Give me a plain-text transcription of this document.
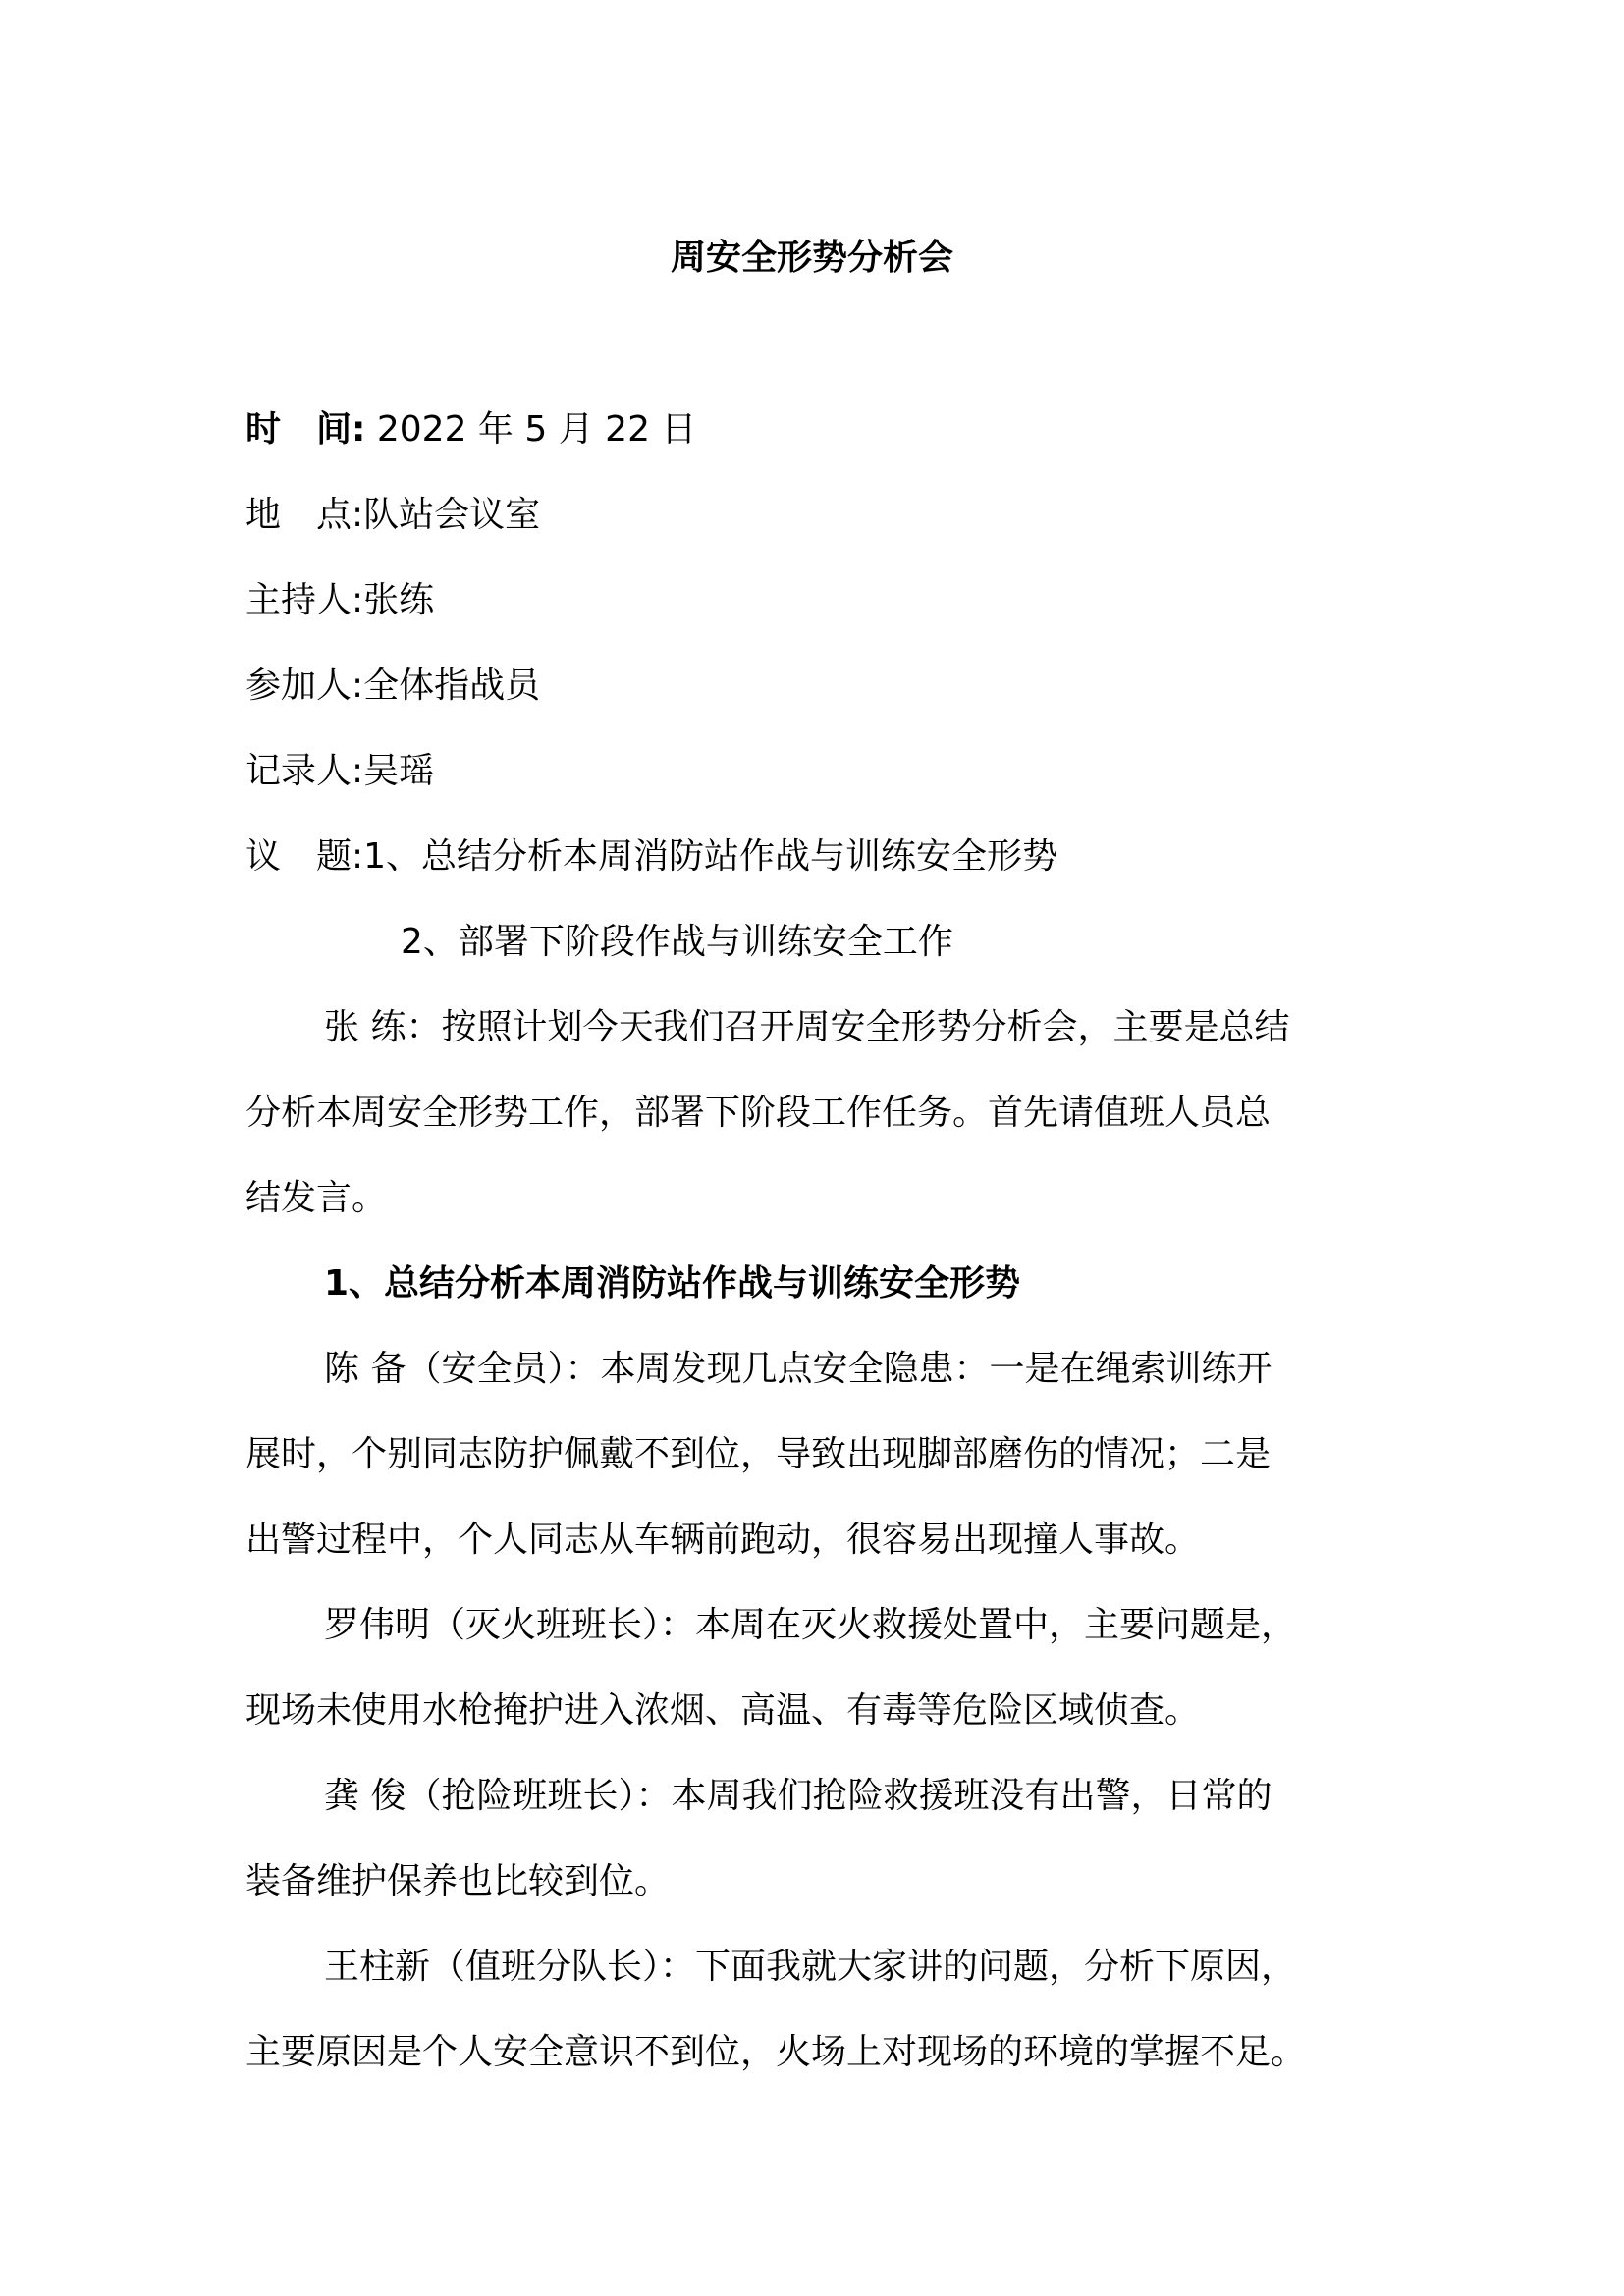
周安全形势分析会
时 间: 2022 年 5 月 22 日
地 点:队站会议室
主持人:张练
参加人:全体指战员
记录人:吴瑶
议 题:1、总结分析本周消防站作战与训练安全形势
2、部署下阶段作战与训练安全工作
张 练：按照计划今天我们召开周安全形势分析会，主要是总结
分析本周安全形势工作，部署下阶段工作任务。首先请值班人员总
结发言。
1、总结分析本周消防站作战与训练安全形势
陈 备（安全员）：本周发现几点安全隐患：一是在绳索训练开
展时，个别同志防护佩戴不到位，导致出现脚部磨伤的情况；二是
出警过程中，个人同志从车辆前跑动，很容易出现撞人事故。
罗伟明（灭火班班长）：本周在灭火救援处置中，主要问题是，
现场未使用水枪掩护进入浓烟、高温、有毒等危险区域侦查。
龚 俊（抢险班班长）：本周我们抢险救援班没有出警，日常的
装备维护保养也比较到位。
王柱新（值班分队长）：下面我就大家讲的问题，分析下原因，
主要原因是个人安全意识不到位，火场上对现场的环境的掌握不足。
